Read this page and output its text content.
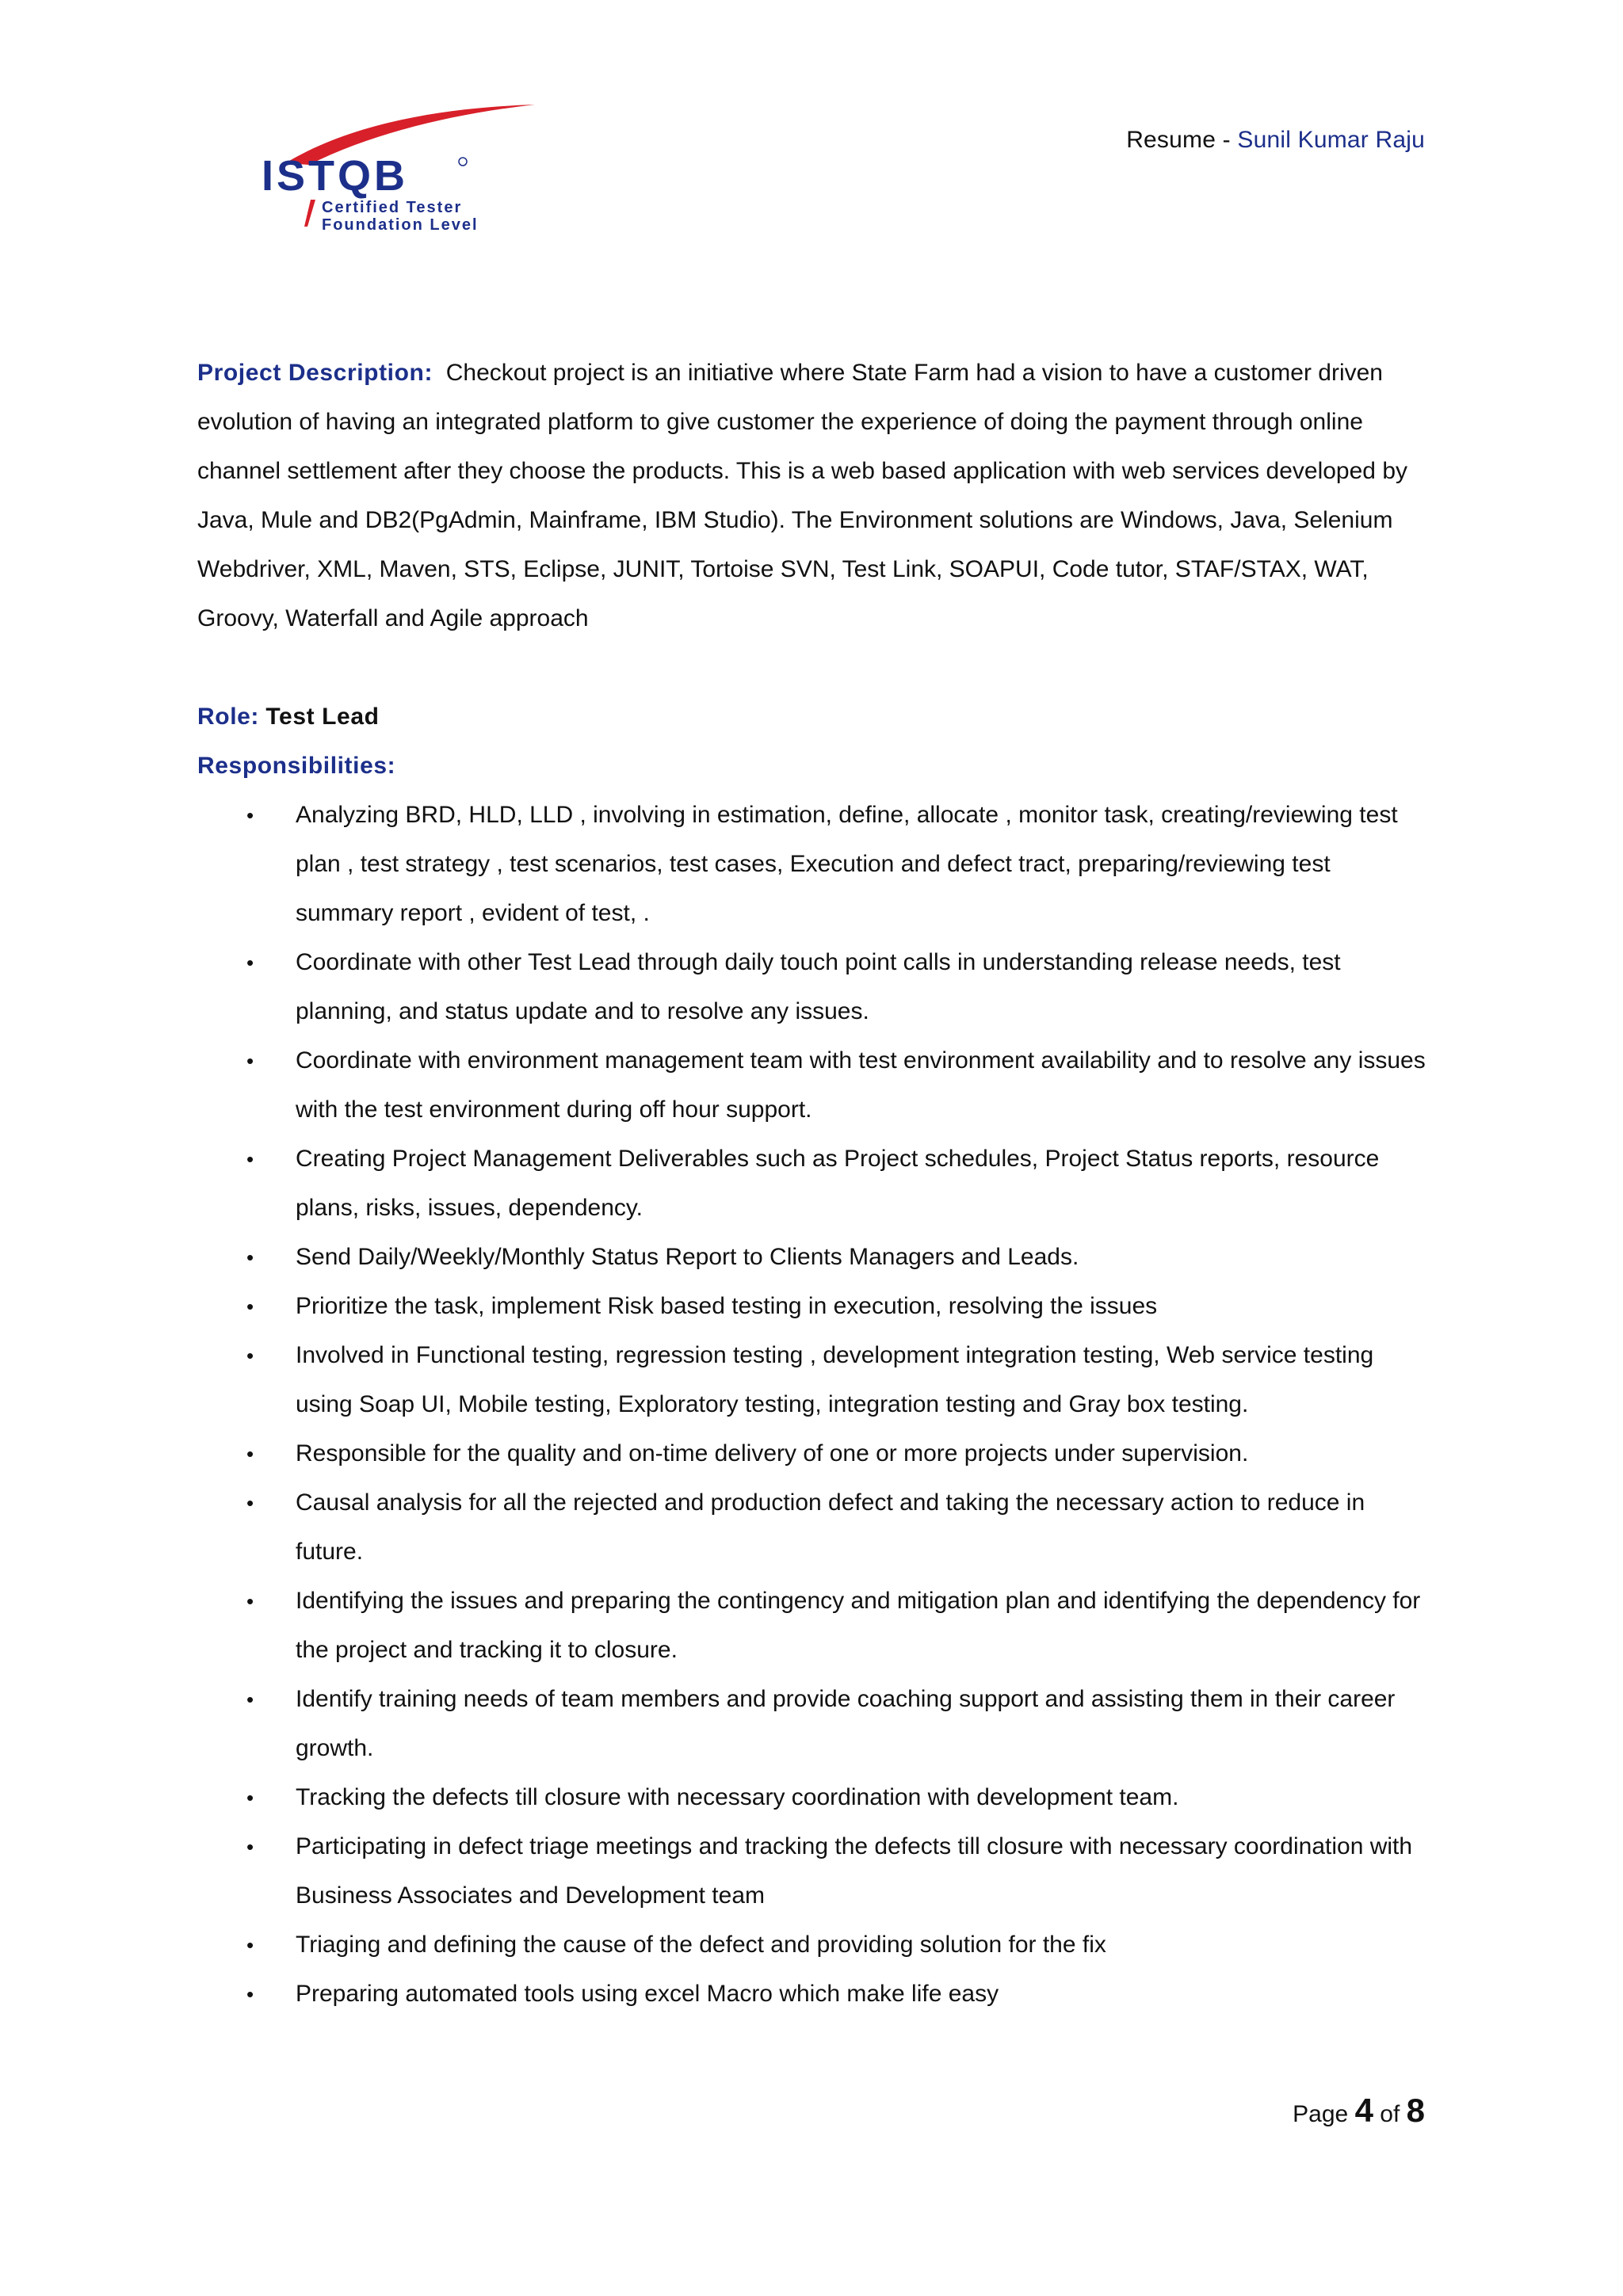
ISTQB
Certified Tester
Foundation Level
Resume - Sunil Kumar Raju

Project Description: Checkout project is an initiative where State Farm had a vision to have a customer driven evolution of having an integrated platform to give customer the experience of doing the payment through online channel settlement after they choose the products. This is a web based application with web services developed by Java, Mule and DB2(PgAdmin, Mainframe, IBM Studio). The Environment solutions are Windows, Java, Selenium Webdriver, XML, Maven, STS, Eclipse, JUNIT, Tortoise SVN, Test Link, SOAPUI, Code tutor, STAF/STAX, WAT, Groovy, Waterfall and Agile approach

Role: Test Lead
Responsibilities:
• Analyzing BRD, HLD, LLD , involving in estimation, define, allocate , monitor task, creating/reviewing test plan , test strategy , test scenarios, test cases, Execution and defect tract, preparing/reviewing test summary report , evident of test, .
• Coordinate with other Test Lead through daily touch point calls in understanding release needs, test planning, and status update and to resolve any issues.
• Coordinate with environment management team with test environment availability and to resolve any issues with the test environment during off hour support.
• Creating Project Management Deliverables such as Project schedules, Project Status reports, resource plans, risks, issues, dependency.
• Send Daily/Weekly/Monthly Status Report to Clients Managers and Leads.
• Prioritize the task, implement Risk based testing in execution, resolving the issues
• Involved in Functional testing, regression testing , development integration testing, Web service testing using Soap UI, Mobile testing, Exploratory testing, integration testing and Gray box testing.
• Responsible for the quality and on-time delivery of one or more projects under supervision.
• Causal analysis for all the rejected and production defect and taking the necessary action to reduce in future.
• Identifying the issues and preparing the contingency and mitigation plan and identifying the dependency for the project and tracking it to closure.
• Identify training needs of team members and provide coaching support and assisting them in their career growth.
• Tracking the defects till closure with necessary coordination with development team.
• Participating in defect triage meetings and tracking the defects till closure with necessary coordination with Business Associates and Development team
• Triaging and defining the cause of the defect and providing solution for the fix
• Preparing automated tools using excel Macro which make life easy
Page 4 of 8
